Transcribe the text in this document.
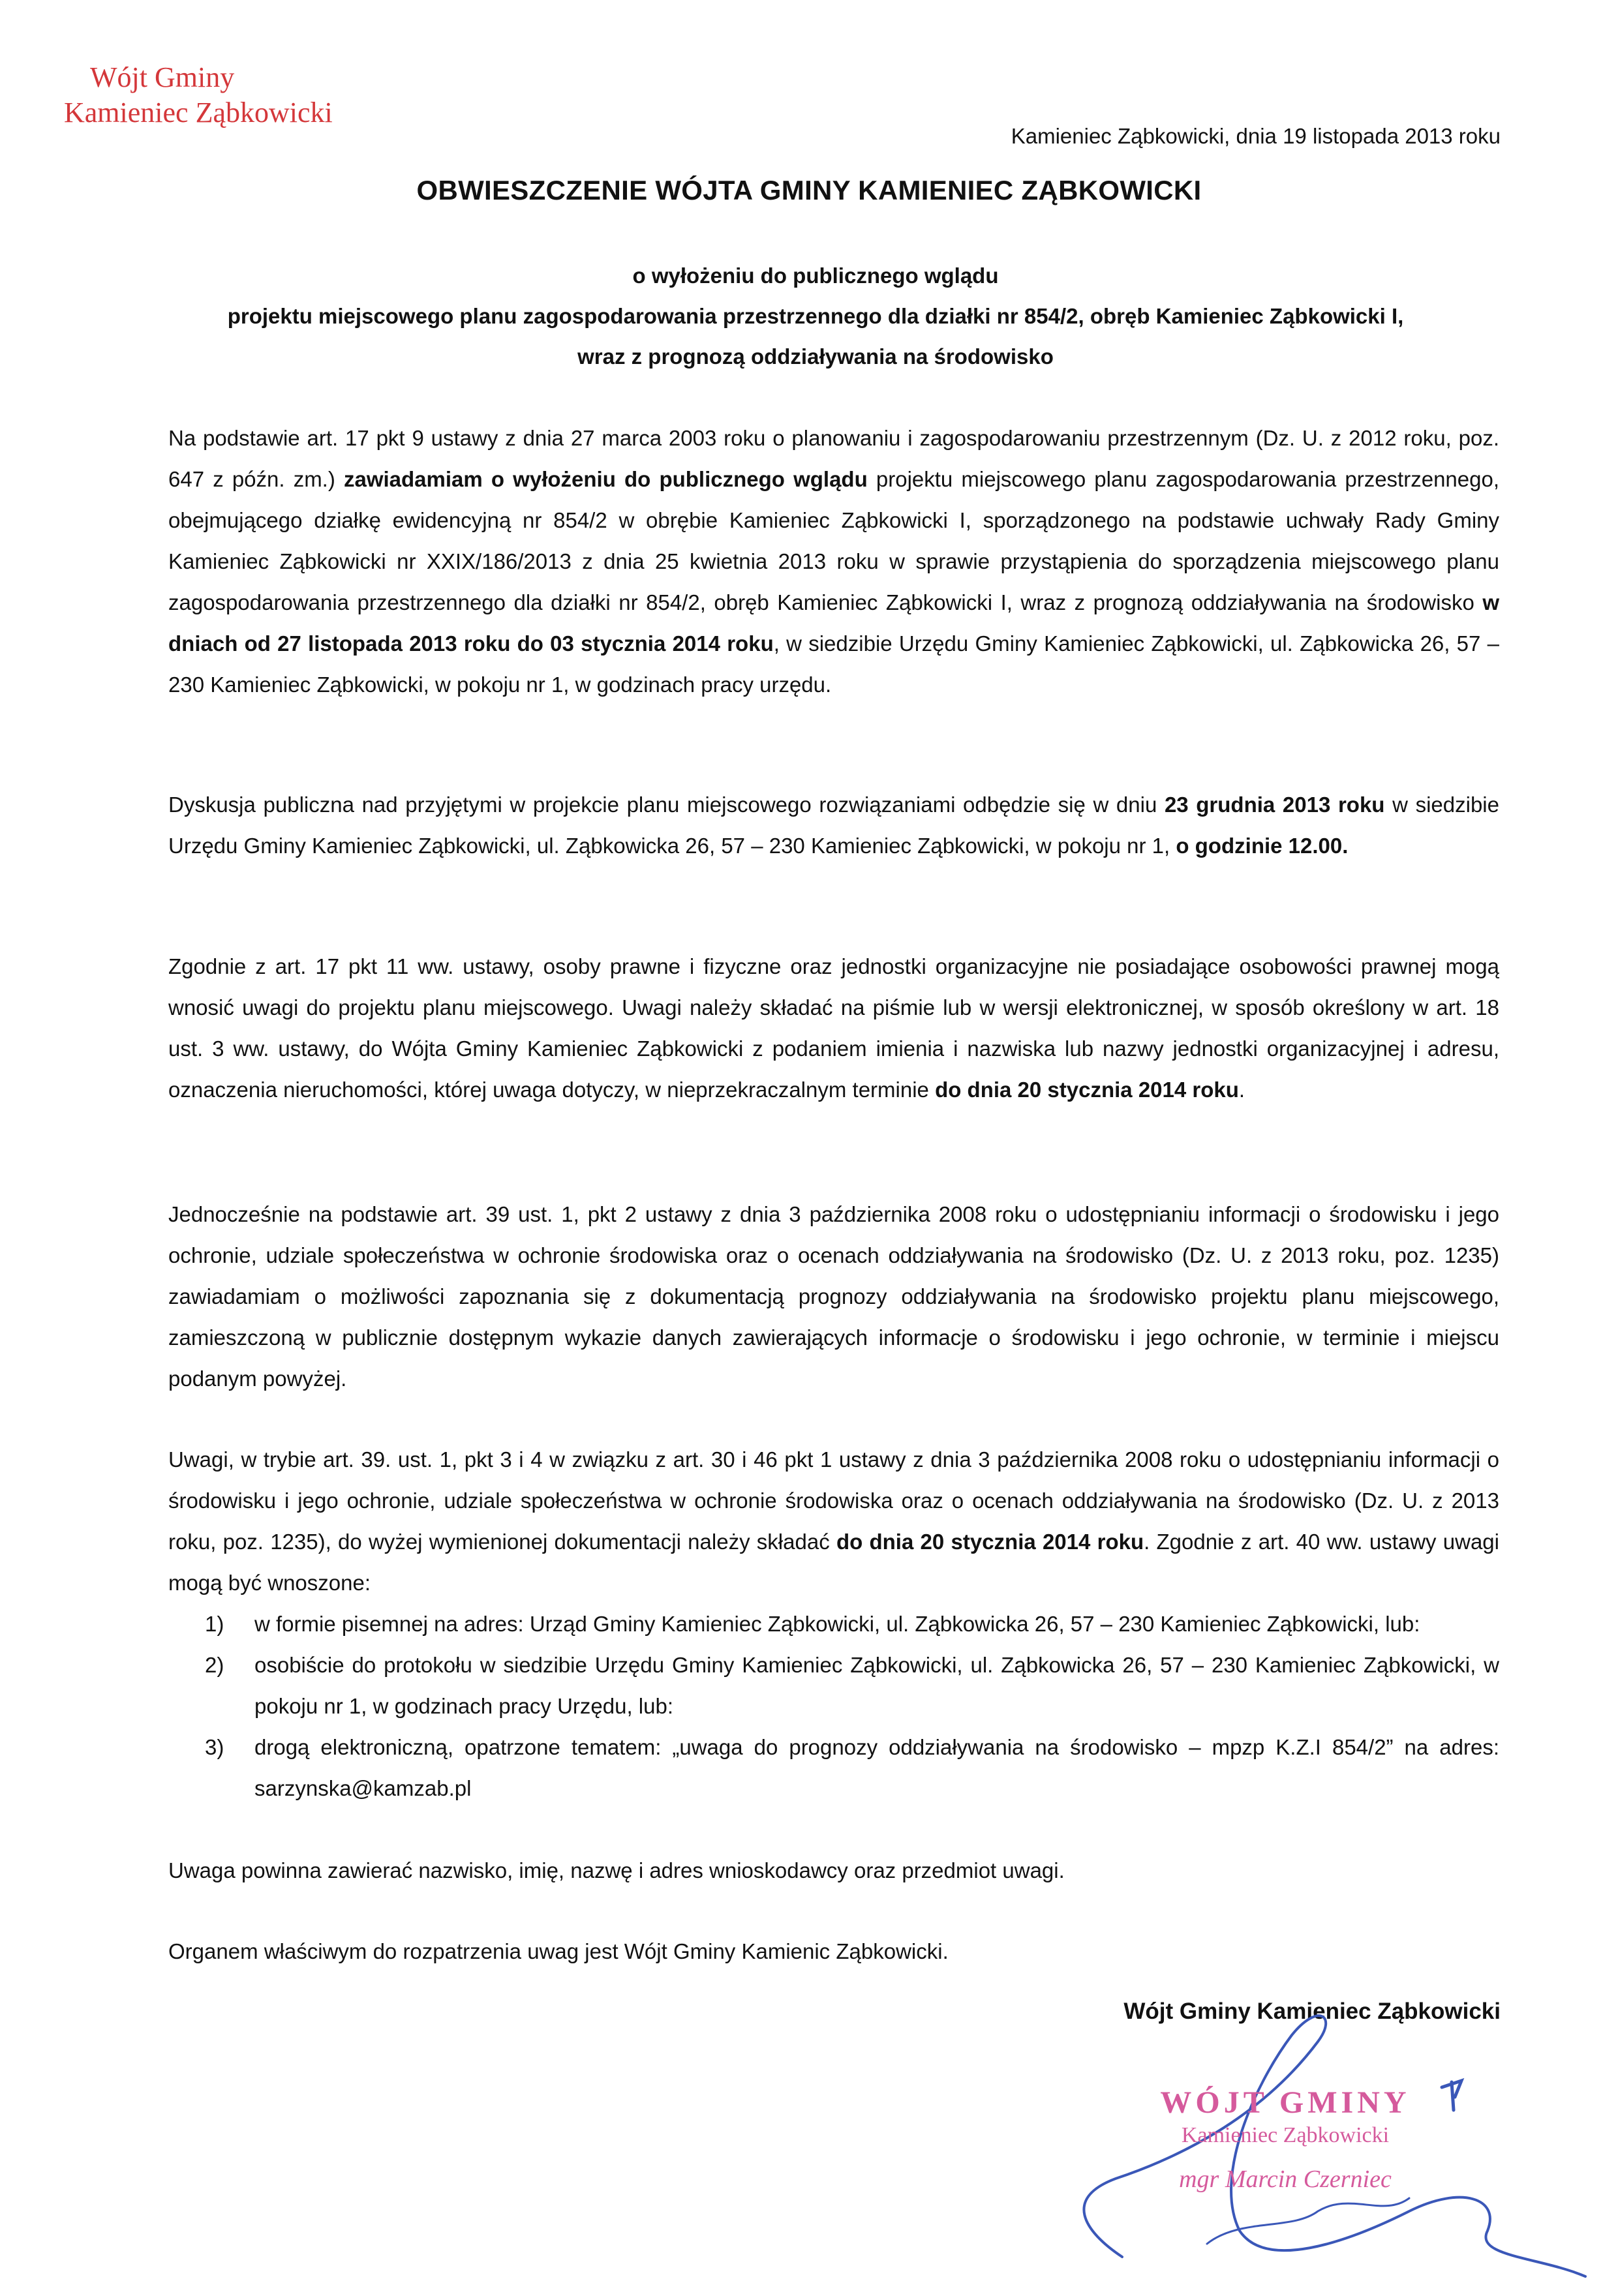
Wójt Gminy
Kamieniec Ząbkowicki
Kamieniec Ząbkowicki, dnia 19 listopada 2013 roku
OBWIESZCZENIE WÓJTA GMINY KAMIENIEC ZĄBKOWICKI
o wyłożeniu do publicznego wglądu
projektu miejscowego planu zagospodarowania przestrzennego dla działki nr 854/2, obręb Kamieniec Ząbkowicki I,
wraz z prognozą oddziaływania na środowisko
Na podstawie art. 17 pkt 9 ustawy z dnia 27 marca 2003 roku o planowaniu i zagospodarowaniu przestrzennym (Dz. U. z 2012 roku, poz. 647 z późn. zm.) zawiadamiam o wyłożeniu do publicznego wglądu projektu miejscowego planu zagospodarowania przestrzennego, obejmującego działkę ewidencyjną nr 854/2 w obrębie Kamieniec Ząbkowicki I, sporządzonego na podstawie uchwały Rady Gminy Kamieniec Ząbkowicki nr XXIX/186/2013 z dnia 25 kwietnia 2013 roku w sprawie przystąpienia do sporządzenia miejscowego planu zagospodarowania przestrzennego dla działki nr 854/2, obręb Kamieniec Ząbkowicki I, wraz z prognozą oddziaływania na środowisko w dniach od 27 listopada 2013 roku do 03 stycznia 2014 roku, w siedzibie Urzędu Gminy Kamieniec Ząbkowicki, ul. Ząbkowicka 26, 57 – 230 Kamieniec Ząbkowicki, w pokoju nr 1, w godzinach pracy urzędu.
Dyskusja publiczna nad przyjętymi w projekcie planu miejscowego rozwiązaniami odbędzie się w dniu 23 grudnia 2013 roku w siedzibie Urzędu Gminy Kamieniec Ząbkowicki, ul. Ząbkowicka 26, 57 – 230 Kamieniec Ząbkowicki, w pokoju nr 1, o godzinie 12.00.
Zgodnie z art. 17 pkt 11 ww. ustawy, osoby prawne i fizyczne oraz jednostki organizacyjne nie posiadające osobowości prawnej mogą wnosić uwagi do projektu planu miejscowego. Uwagi należy składać na piśmie lub w wersji elektronicznej, w sposób określony w art. 18 ust. 3 ww. ustawy, do Wójta Gminy Kamieniec Ząbkowicki z podaniem imienia i nazwiska lub nazwy jednostki organizacyjnej i adresu, oznaczenia nieruchomości, której uwaga dotyczy, w nieprzekraczalnym terminie do dnia 20 stycznia 2014 roku.
Jednocześnie na podstawie art. 39 ust. 1, pkt 2 ustawy z dnia 3 października 2008 roku o udostępnianiu informacji o środowisku i jego ochronie, udziale społeczeństwa w ochronie środowiska oraz o ocenach oddziaływania na środowisko (Dz. U. z 2013 roku, poz. 1235) zawiadamiam o możliwości zapoznania się z dokumentacją prognozy oddziaływania na środowisko projektu planu miejscowego, zamieszczoną w publicznie dostępnym wykazie danych zawierających informacje o środowisku i jego ochronie, w terminie i miejscu podanym powyżej.
Uwagi, w trybie art. 39. ust. 1, pkt 3 i 4 w związku z art. 30 i 46 pkt 1 ustawy z dnia 3 października 2008 roku o udostępnianiu informacji o środowisku i jego ochronie, udziale społeczeństwa w ochronie środowiska oraz o ocenach oddziaływania na środowisko (Dz. U. z 2013 roku, poz. 1235), do wyżej wymienionej dokumentacji należy składać do dnia 20 stycznia 2014 roku. Zgodnie z art. 40 ww. ustawy uwagi mogą być wnoszone:
1)	w formie pisemnej na adres: Urząd Gminy Kamieniec Ząbkowicki, ul. Ząbkowicka 26, 57 – 230 Kamieniec Ząbkowicki, lub:
2)	osobiście do protokołu w siedzibie Urzędu Gminy Kamieniec Ząbkowicki, ul. Ząbkowicka 26, 57 – 230 Kamieniec Ząbkowicki, w pokoju nr 1, w godzinach pracy Urzędu, lub:
3)	drogą elektroniczną, opatrzone tematem: „uwaga do prognozy oddziaływania na środowisko – mpzp K.Z.I 854/2” na adres: sarzynska@kamzab.pl
Uwaga powinna zawierać nazwisko, imię, nazwę i adres wnioskodawcy oraz przedmiot uwagi.
Organem właściwym do rozpatrzenia uwag jest Wójt Gminy Kamienic Ząbkowicki.
Wójt Gminy Kamieniec Ząbkowicki
WÓJT GMINY
Kamieniec Ząbkowicki
mgr Marcin Czerniec
